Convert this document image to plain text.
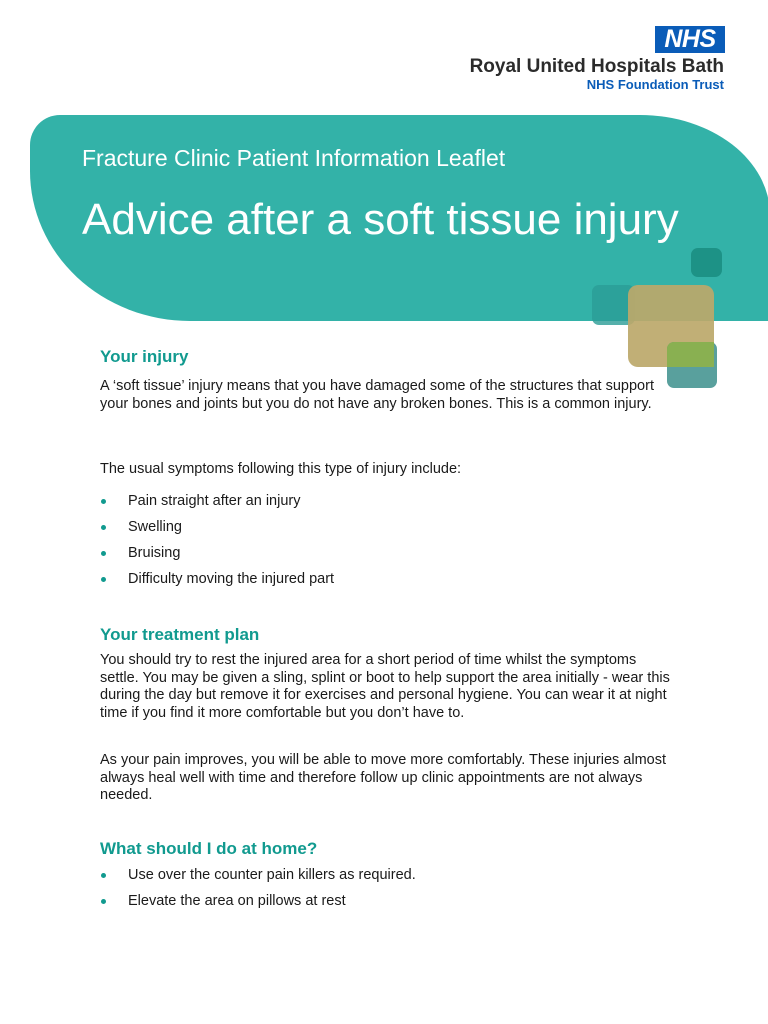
NHS
Royal United Hospitals Bath
NHS Foundation Trust
Fracture Clinic Patient Information Leaflet
Advice after a soft tissue injury
Your injury

A ‘soft tissue’ injury means that you have damaged some of the structures that support your bones and joints but you do not have any broken bones. This is a common injury.

The usual symptoms following this type of injury include:

Pain straight after an injury
Swelling
Bruising
Difficulty moving the injured part
Your treatment plan

You should try to rest the injured area for a short period of time whilst the symptoms settle. You may be given a sling, splint or boot to help support the area initially - wear this during the day but remove it for exercises and personal hygiene. You can wear it at night time if you find it more comfortable but you don’t have to.

As your pain improves, you will be able to move more comfortably. These injuries almost always heal well with time and therefore follow up clinic appointments are not always needed.

What should I do at home?
Use over the counter pain killers as required.
Elevate the area on pillows at rest
